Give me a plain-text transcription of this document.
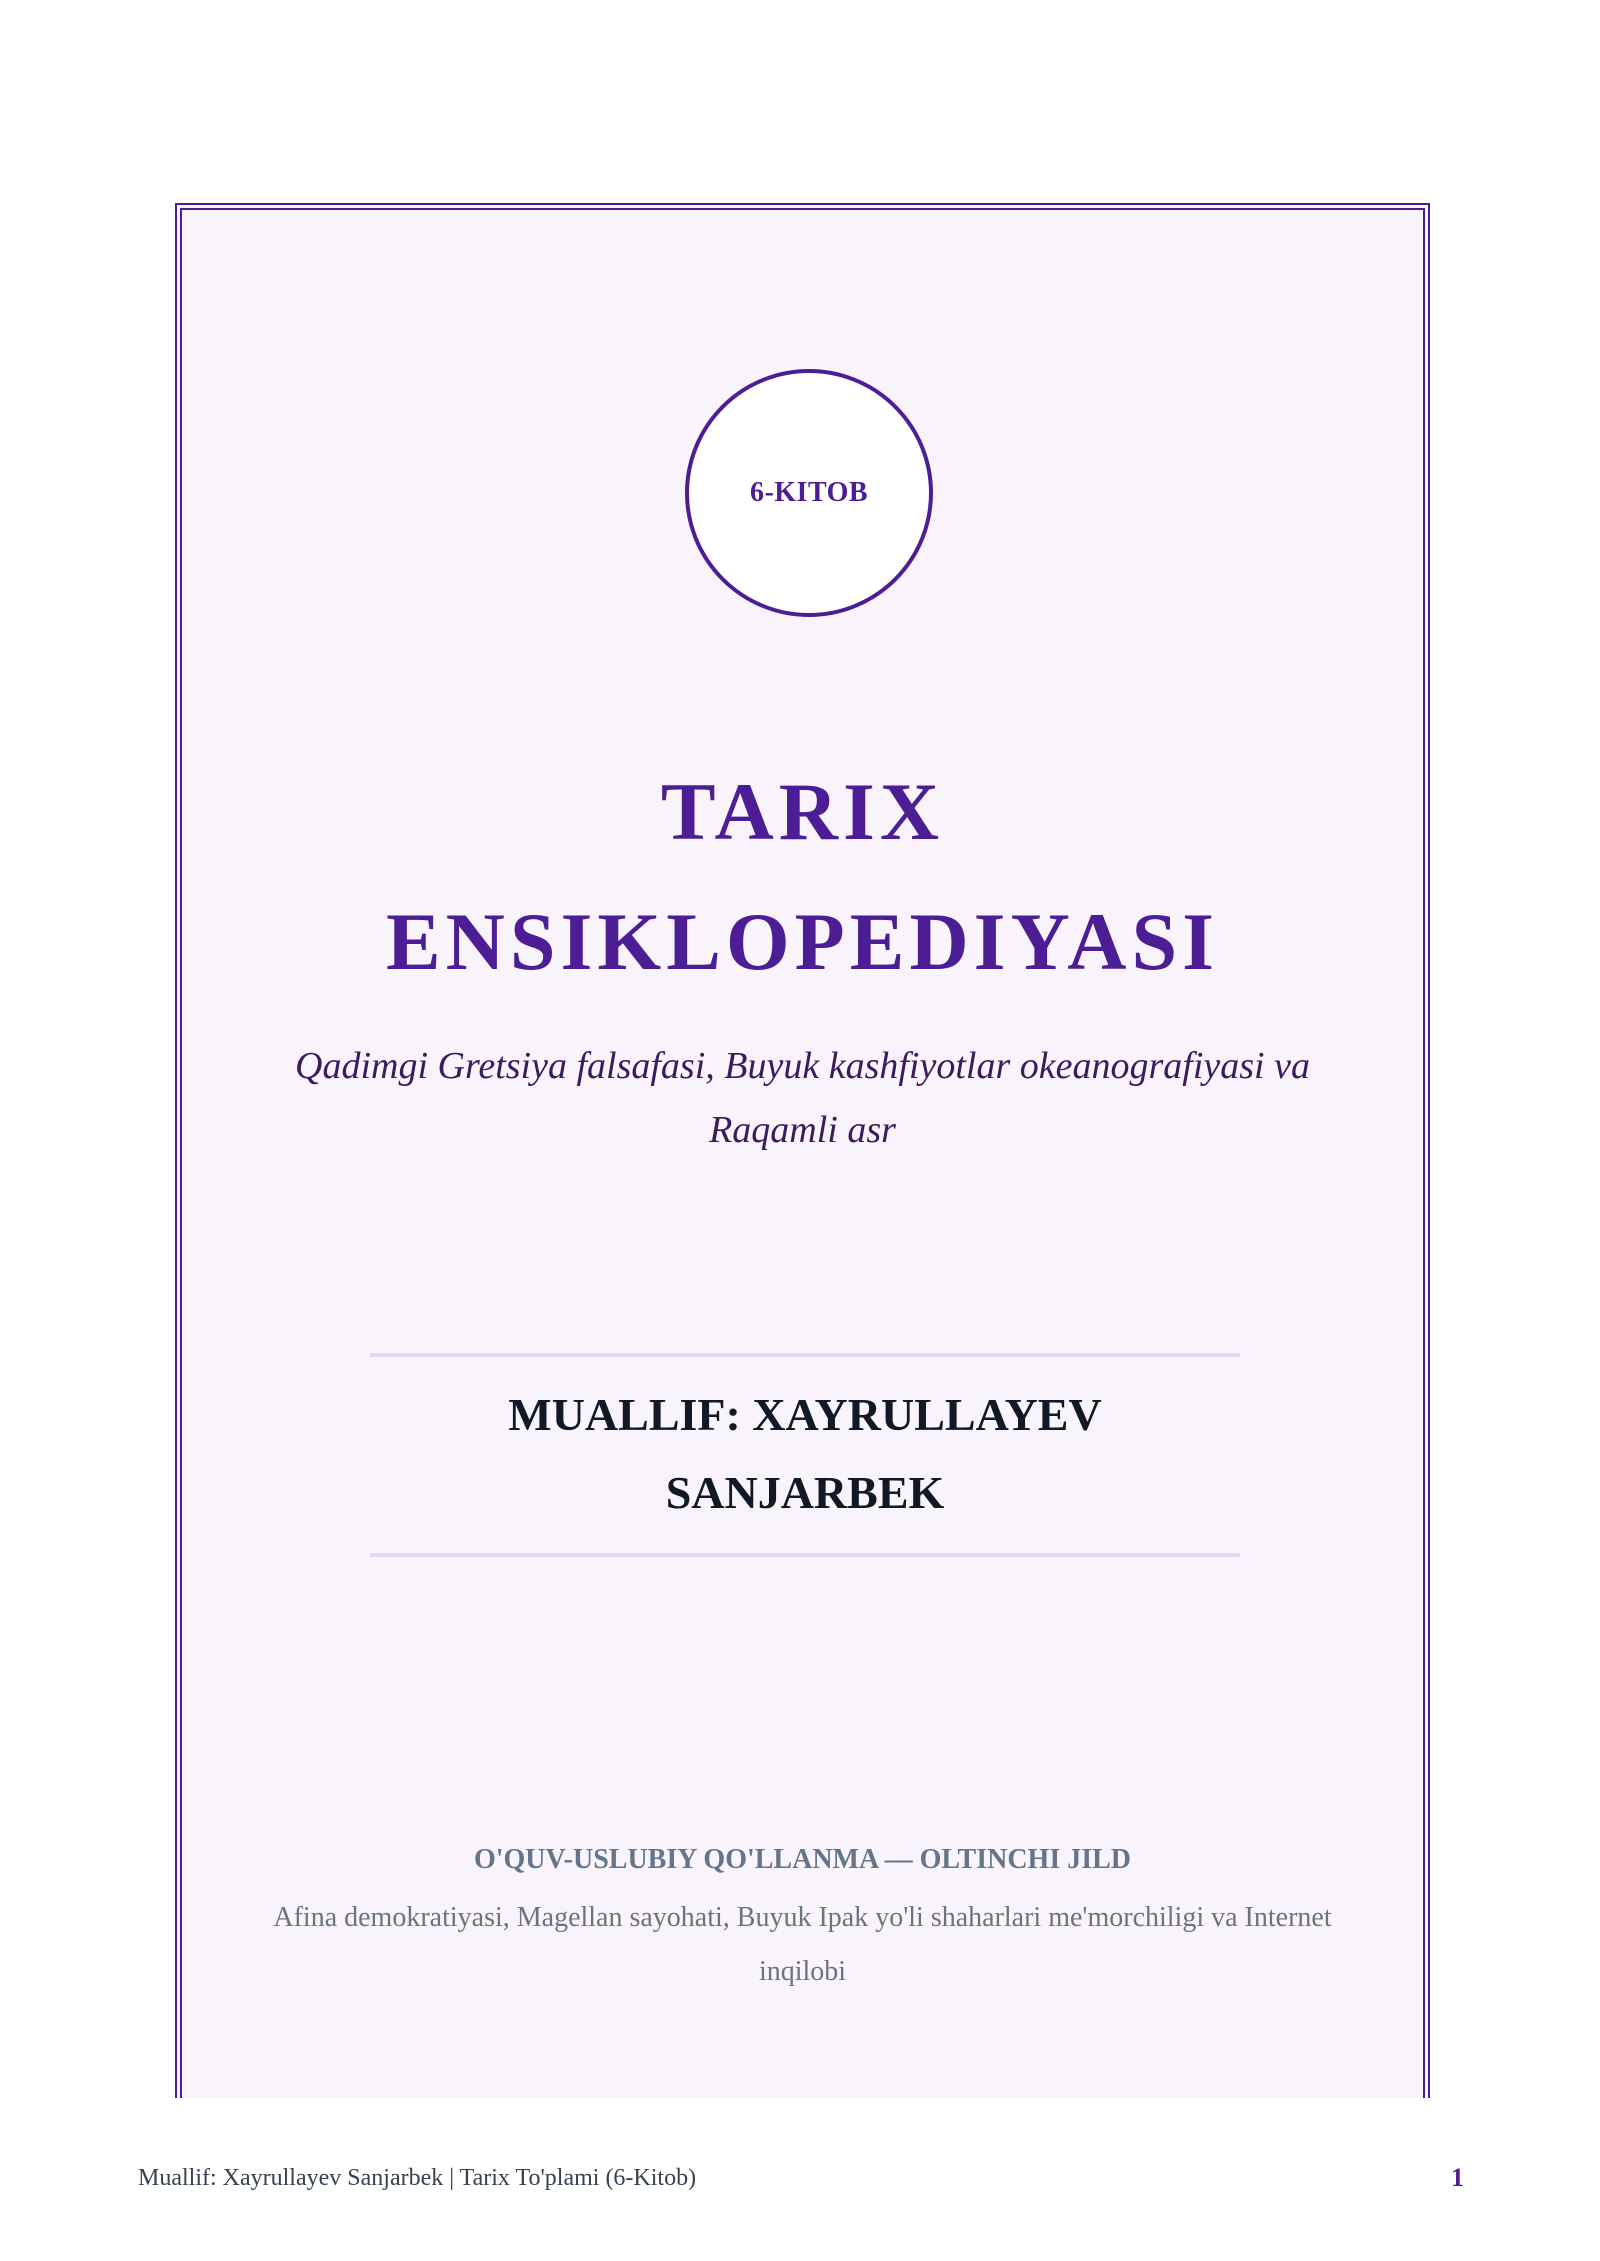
6-KITOB
TARIX
ENSIKLOPEDIYASI

Qadimgi Gretsiya falsafasi, Buyuk kashfiyotlar okeanografiyasi va Raqamli asr

MUALLIF: XAYRULLAYEV
SANJARBEK

O'QUV-USLUBIY QO'LLANMA — OLTINCHI JILD

Afina demokratiyasi, Magellan sayohati, Buyuk Ipak yo'li shaharlari me'morchiligi va Internet inqilobi

Muallif: Xayrullayev Sanjarbek | Tarix To'plami (6-Kitob)	1
